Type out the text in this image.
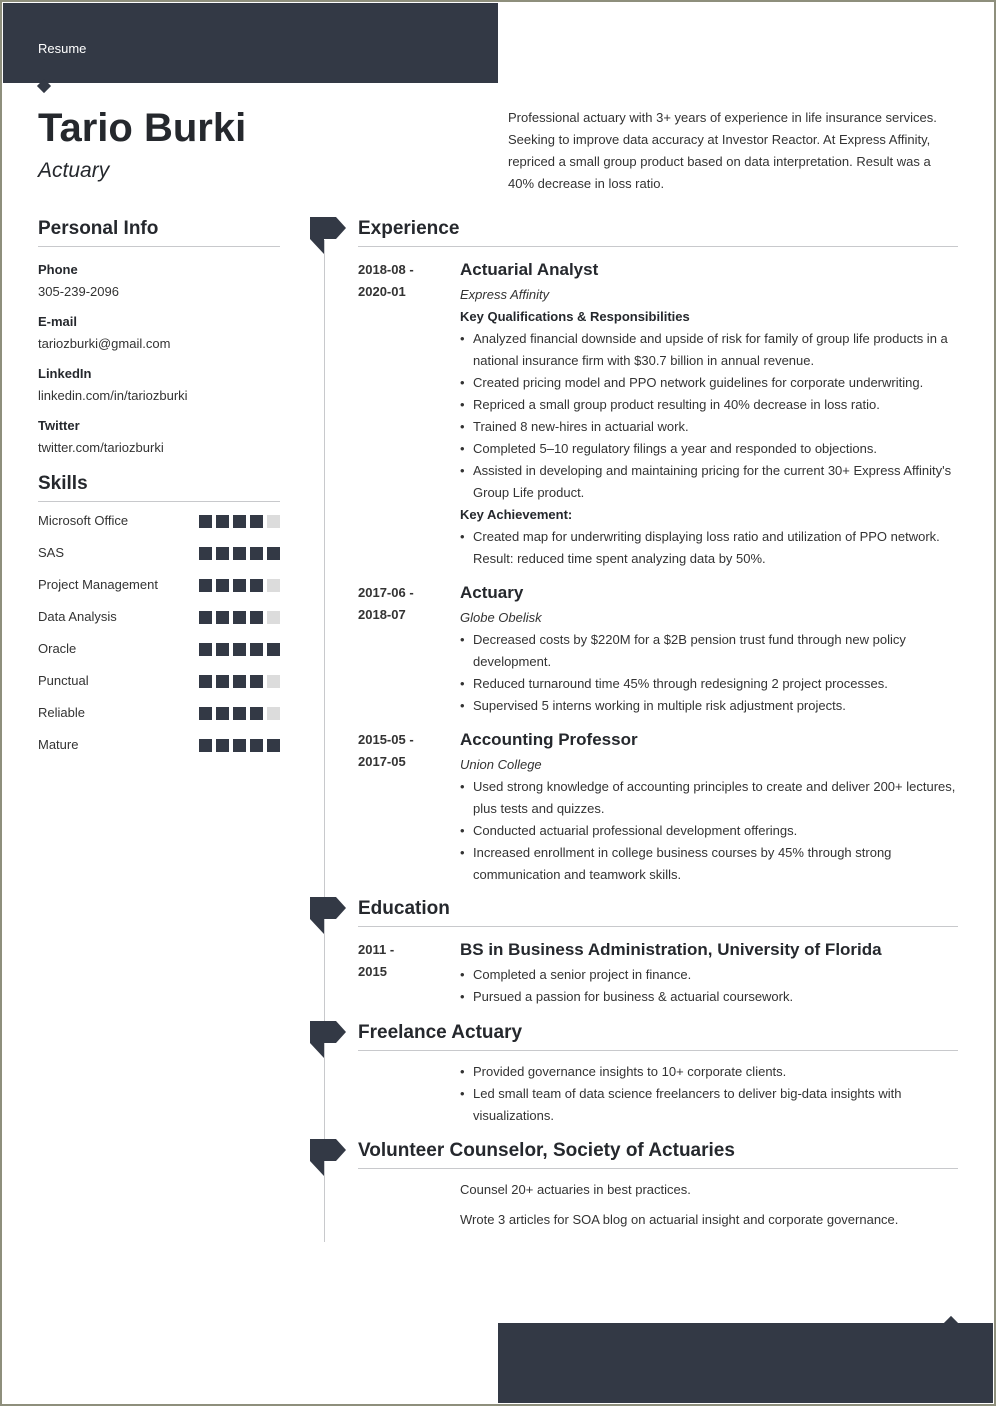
Resume
Tario Burki
Actuary
Professional actuary with 3+ years of experience in life insurance services. Seeking to improve data accuracy at Investor Reactor. At Express Affinity, repriced a small group product based on data interpretation. Result was a 40% decrease in loss ratio.
Personal Info
Phone
305-239-2096
E-mail
tariozburki@gmail.com
LinkedIn
linkedin.com/in/tariozburki
Twitter
twitter.com/tariozburki
Skills
Microsoft Office
SAS
Project Management
Data Analysis
Oracle
Punctual
Reliable
Mature
Experience
2018-08 -
2020-01
Actuarial Analyst
Express Affinity
Key Qualifications & Responsibilities
• Analyzed financial downside and upside of risk for family of group life products in a national insurance firm with $30.7 billion in annual revenue.
• Created pricing model and PPO network guidelines for corporate underwriting.
• Repriced a small group product resulting in 40% decrease in loss ratio.
• Trained 8 new-hires in actuarial work.
• Completed 5–10 regulatory filings a year and responded to objections.
• Assisted in developing and maintaining pricing for the current 30+ Express Affinity's Group Life product.
Key Achievement:
• Created map for underwriting displaying loss ratio and utilization of PPO network. Result: reduced time spent analyzing data by 50%.
2017-06 -
2018-07
Actuary
Globe Obelisk
• Decreased costs by $220M for a $2B pension trust fund through new policy development.
• Reduced turnaround time 45% through redesigning 2 project processes.
• Supervised 5 interns working in multiple risk adjustment projects.
2015-05 -
2017-05
Accounting Professor
Union College
• Used strong knowledge of accounting principles to create and deliver 200+ lectures, plus tests and quizzes.
• Conducted actuarial professional development offerings.
• Increased enrollment in college business courses by 45% through strong communication and teamwork skills.
Education
2011 -
2015
BS in Business Administration, University of Florida
• Completed a senior project in finance.
• Pursued a passion for business & actuarial coursework.
Freelance Actuary
• Provided governance insights to 10+ corporate clients.
• Led small team of data science freelancers to deliver big-data insights with visualizations.
Volunteer Counselor, Society of Actuaries
Counsel 20+ actuaries in best practices.
Wrote 3 articles for SOA blog on actuarial insight and corporate governance.
